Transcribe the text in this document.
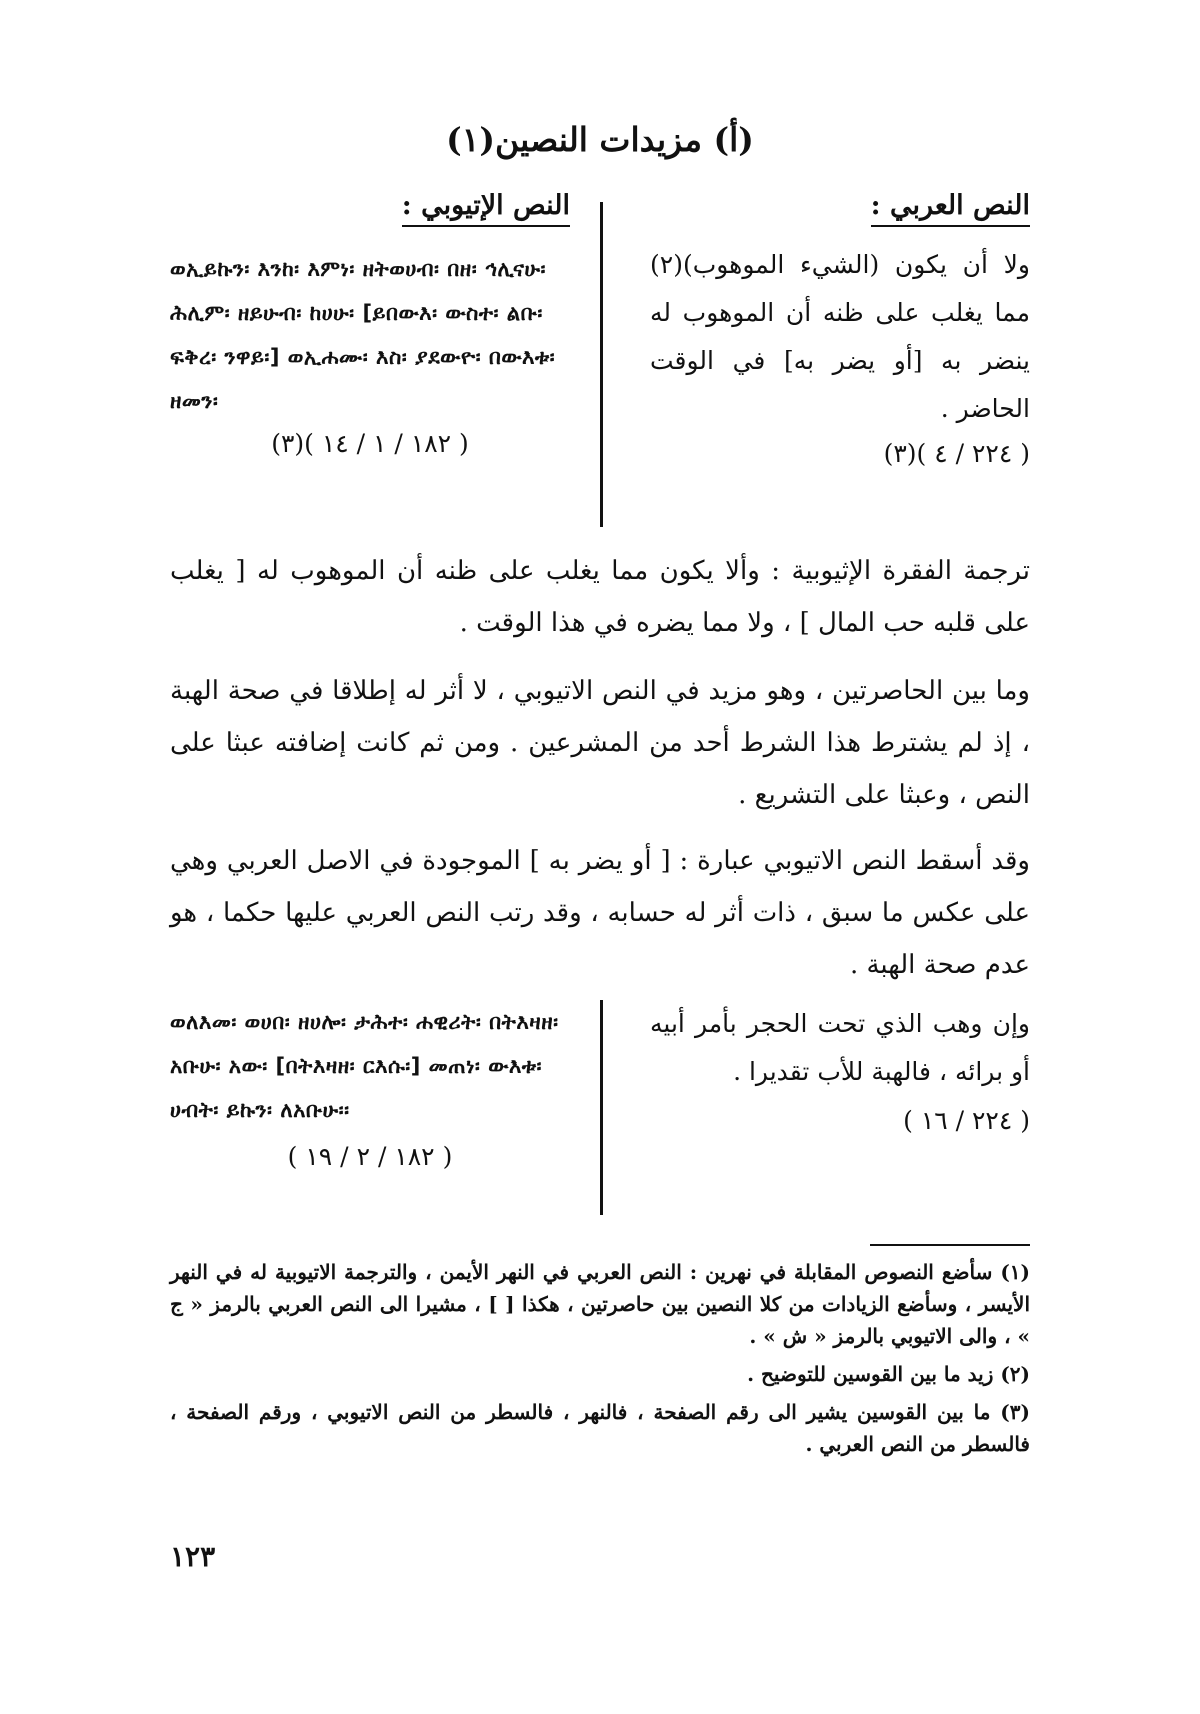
(أ) مزيدات النصين(١)
النص العربي :
ولا أن يكون (الشيء الموهوب)(٢) مما يغلب على ظنه أن الموهوب له ينضر به [أو يضر به] في الوقت الحاضر .
( ٢٢٤ / ٤ )(٣)
النص الإتيوبي :
ወኢይኩን፡ እንከ፡ እምነ፡ ዘትወሀብ፡ በዘ፡ ኅሊናሁ፡ ሕሊም፡ ዘይሁብ፡ ከሀሁ፡ [ይበውእ፡ ውስተ፡ ልቡ፡ ፍቅረ፡ ንዋይ፡] ወኢሐሙ፡ እስ፡ ያደውዮ፡ በውእቱ፡ ዘመን፡
( ١٨٢ / ١ / ١٤ )(٣)
ترجمة الفقرة الإثيوبية : وألا يكون مما يغلب على ظنه أن الموهوب له [ يغلب على قلبه حب المال ] ، ولا مما يضره في هذا الوقت .
وما بين الحاصرتين ، وهو مزيد في النص الاتيوبي ، لا أثر له إطلاقا في صحة الهبة ، إذ لم يشترط هذا الشرط أحد من المشرعين . ومن ثم كانت إضافته عبثا على النص ، وعبثا على التشريع .
وقد أسقط النص الاتيوبي عبارة : [ أو يضر به ] الموجودة في الاصل العربي وهي على عكس ما سبق ، ذات أثر له حسابه ، وقد رتب النص العربي عليها حكما ، هو عدم صحة الهبة .
وإن وهب الذي تحت الحجر بأمر أبيه أو برائه ، فالهبة للأب تقديرا .
( ٢٢٤ / ١٦ )
ወለእመ፡ ወሀበ፡ ዘሀሎ፡ ታሕተ፡ ሐዊሪት፡ በትእዛዘ፡ አቡሁ፡ አው፡ [በትእዛዘ፡ ርእሱ፡] መጠነ፡ ውእቱ፡ ሀብት፡ ይኩን፡ ለአቡሁ፡፡
( ١٨٢ / ٢ / ١٩ )

(١) سأضع النصوص المقابلة في نهرين : النص العربي في النهر الأيمن ، والترجمة الاتيوبية له في النهر الأيسر ، وسأضع الزيادات من كلا النصين بين حاصرتين ، هكذا [ ] ، مشيرا الى النص العربي بالرمز « ج » ، والى الاتيوبي بالرمز « ش » .

(٢) زيد ما بين القوسين للتوضيح .

(٣) ما بين القوسين يشير الى رقم الصفحة ، فالنهر ، فالسطر من النص الاتيوبي ، ورقم الصفحة ، فالسطر من النص العربي .

١٢٣
